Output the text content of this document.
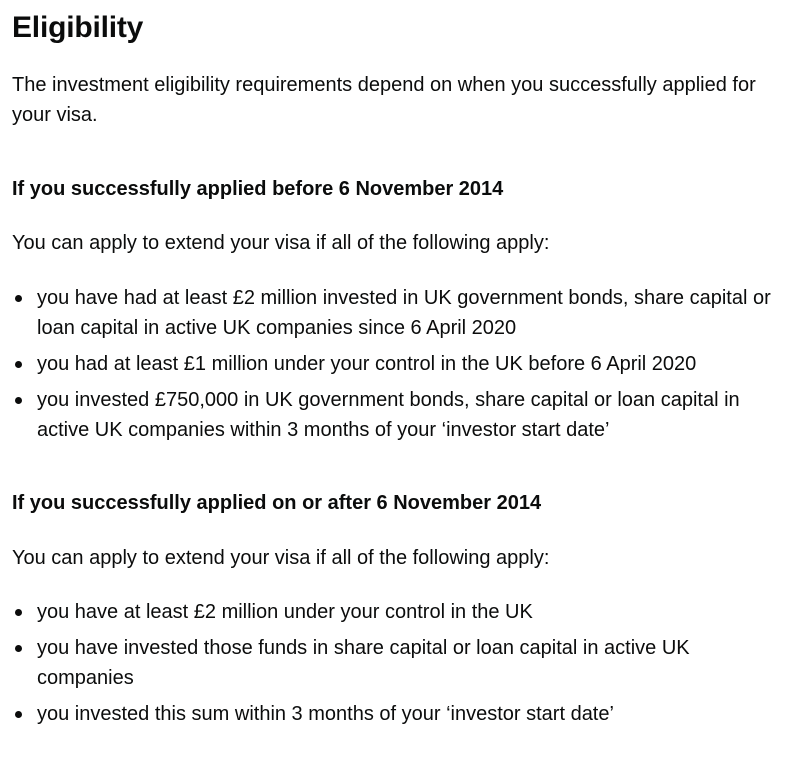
Eligibility

The investment eligibility requirements depend on when you successfully applied for your visa.

If you successfully applied before 6 November 2014

You can apply to extend your visa if all of the following apply:

you have had at least £2 million invested in UK government bonds, share capital or loan capital in active UK companies since 6 April 2020
you had at least £1 million under your control in the UK before 6 April 2020
you invested £750,000 in UK government bonds, share capital or loan capital in active UK companies within 3 months of your ‘investor start date’
If you successfully applied on or after 6 November 2014

You can apply to extend your visa if all of the following apply:

you have at least £2 million under your control in the UK
you have invested those funds in share capital or loan capital in active UK companies
you invested this sum within 3 months of your ‘investor start date’
